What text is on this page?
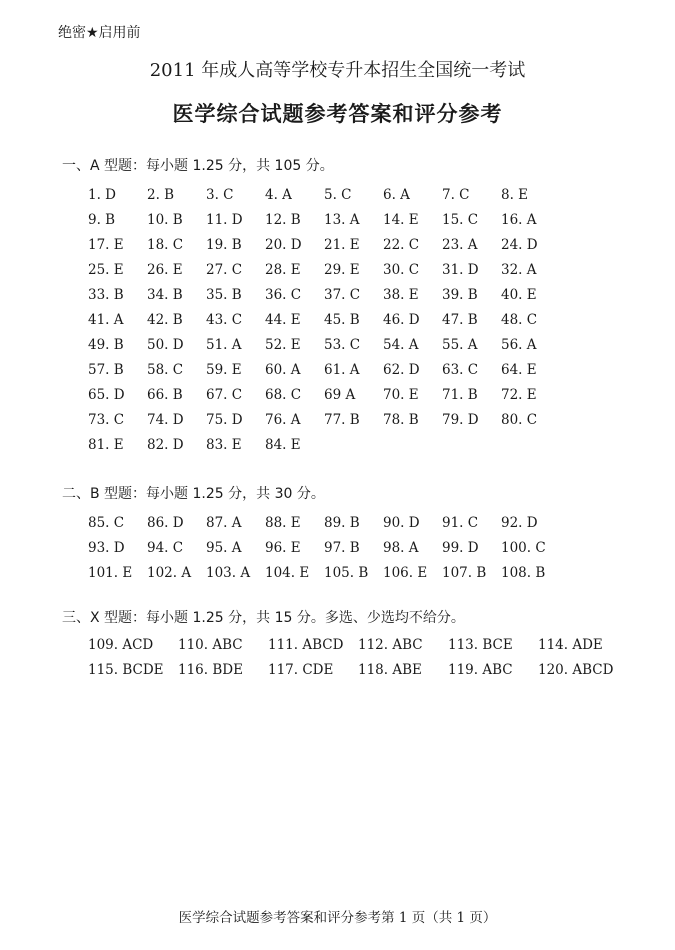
绝密★启用前
2011 年成人高等学校专升本招生全国统一考试
医学综合试题参考答案和评分参考
一、A 型题：每小题 1.25 分，共 105 分。
1. D	2. B	3. C	4. A	5. C	6. A	7. C	8. E
9. B	10. B	11. D	12. B	13. A	14. E	15. C	16. A
17. E	18. C	19. B	20. D	21. E	22. C	23. A	24. D
25. E	26. E	27. C	28. E	29. E	30. C	31. D	32. A
33. B	34. B	35. B	36. C	37. C	38. E	39. B	40. E
41. A	42. B	43. C	44. E	45. B	46. D	47. B	48. C
49. B	50. D	51. A	52. E	53. C	54. A	55. A	56. A
57. B	58. C	59. E	60. A	61. A	62. D	63. C	64. E
65. D	66. B	67. C	68. C	69 A	70. E	71. B	72. E
73. C	74. D	75. D	76. A	77. B	78. B	79. D	80. C
81. E	82. D	83. E	84. E
二、B 型题：每小题 1.25 分，共 30 分。
85. C	86. D	87. A	88. E	89. B	90. D	91. C	92. D
93. D	94. C	95. A	96. E	97. B	98. A	99. D	100. C
101. E	102. A	103. A	104. E	105. B	106. E	107. B	108. B
三、X 型题：每小题 1.25 分，共 15 分。多选、少选均不给分。
109. ACD	110. ABC	111. ABCD	112. ABC	113. BCE	114. ADE
115. BCDE	116. BDE	117. CDE	118. ABE	119. ABC	120. ABCD
医学综合试题参考答案和评分参考第 1 页（共 1 页）
